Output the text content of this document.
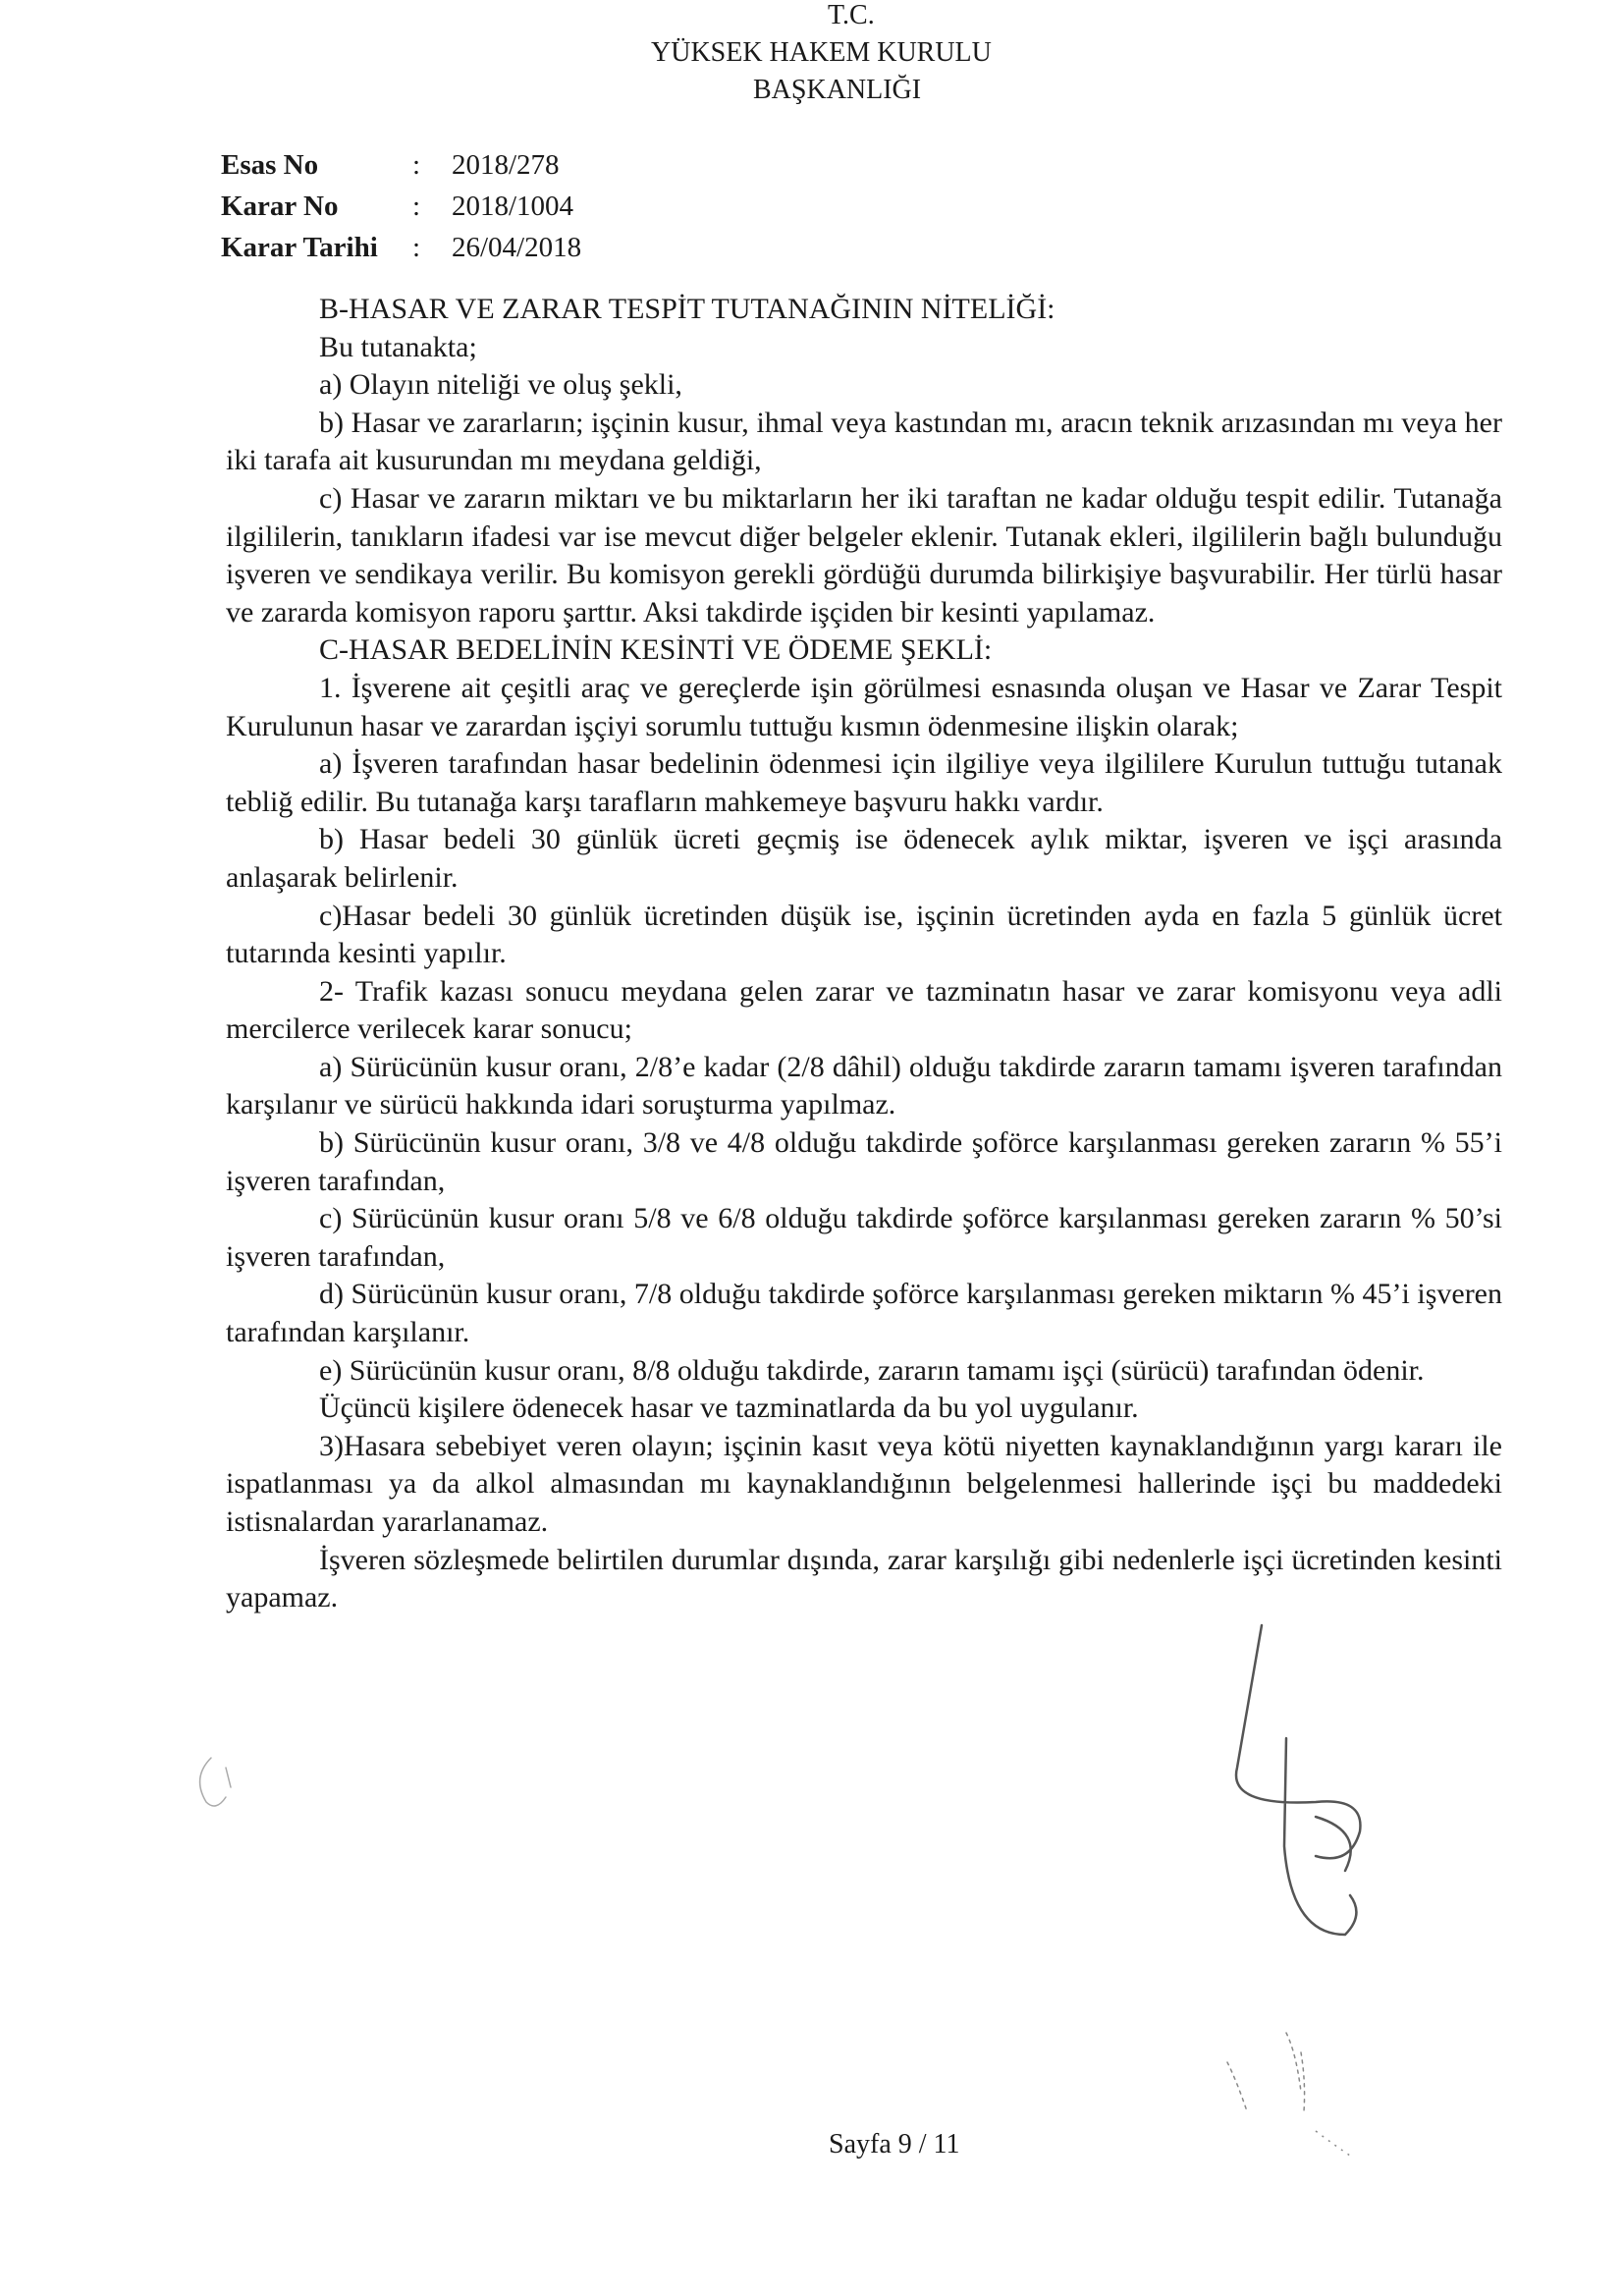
T.C.
YÜKSEK HAKEM KURULU
BAŞKANLIĞI
Esas No	:	2018/278
Karar No	:	2018/1004
Karar Tarihi	:	26/04/2018

B-HASAR VE ZARAR TESPİT TUTANAĞININ NİTELİĞİ:

Bu tutanakta;

a) Olayın niteliği ve oluş şekli,

b) Hasar ve zararların; işçinin kusur, ihmal veya kastından mı, aracın teknik arızasından mı veya her iki tarafa ait kusurundan mı meydana geldiği,

c) Hasar ve zararın miktarı ve bu miktarların her iki taraftan ne kadar olduğu tespit edilir. Tutanağa ilgililerin, tanıkların ifadesi var ise mevcut diğer belgeler eklenir. Tutanak ekleri, ilgililerin bağlı bulunduğu işveren ve sendikaya verilir. Bu komisyon gerekli gördüğü durumda bilirkişiye başvurabilir. Her türlü hasar ve zararda komisyon raporu şarttır. Aksi takdirde işçiden bir kesinti yapılamaz.

C-HASAR BEDELİNİN KESİNTİ VE ÖDEME ŞEKLİ:

1. İşverene ait çeşitli araç ve gereçlerde işin görülmesi esnasında oluşan ve Hasar ve Zarar Tespit Kurulunun hasar ve zarardan işçiyi sorumlu tuttuğu kısmın ödenmesine ilişkin olarak;

a) İşveren tarafından hasar bedelinin ödenmesi için ilgiliye veya ilgililere Kurulun tuttuğu tutanak tebliğ edilir. Bu tutanağa karşı tarafların mahkemeye başvuru hakkı vardır.

b) Hasar bedeli 30 günlük ücreti geçmiş ise ödenecek aylık miktar, işveren ve işçi arasında anlaşarak belirlenir.

c)Hasar bedeli 30 günlük ücretinden düşük ise, işçinin ücretinden ayda en fazla 5 günlük ücret tutarında kesinti yapılır.

2- Trafik kazası sonucu meydana gelen zarar ve tazminatın hasar ve zarar komisyonu veya adli mercilerce verilecek karar sonucu;

a) Sürücünün kusur oranı, 2/8’e kadar (2/8 dâhil) olduğu takdirde zararın tamamı işveren tarafından karşılanır ve sürücü hakkında idari soruşturma yapılmaz.

b) Sürücünün kusur oranı, 3/8 ve 4/8 olduğu takdirde şoförce karşılanması gereken zararın % 55’i işveren tarafından,

c) Sürücünün kusur oranı 5/8 ve 6/8 olduğu takdirde şoförce karşılanması gereken zararın % 50’si işveren tarafından,

d) Sürücünün kusur oranı, 7/8 olduğu takdirde şoförce karşılanması gereken miktarın % 45’i işveren tarafından karşılanır.

e) Sürücünün kusur oranı, 8/8 olduğu takdirde, zararın tamamı işçi (sürücü) tarafından ödenir.

Üçüncü kişilere ödenecek hasar ve tazminatlarda da bu yol uygulanır.

3)Hasara sebebiyet veren olayın; işçinin kasıt veya kötü niyetten kaynaklandığının yargı kararı ile ispatlanması ya da alkol almasından mı kaynaklandığının belgelenmesi hallerinde işçi bu maddedeki istisnalardan yararlanamaz.

İşveren sözleşmede belirtilen durumlar dışında, zarar karşılığı gibi nedenlerle işçi ücretinden kesinti yapamaz.

Sayfa 9 / 11
